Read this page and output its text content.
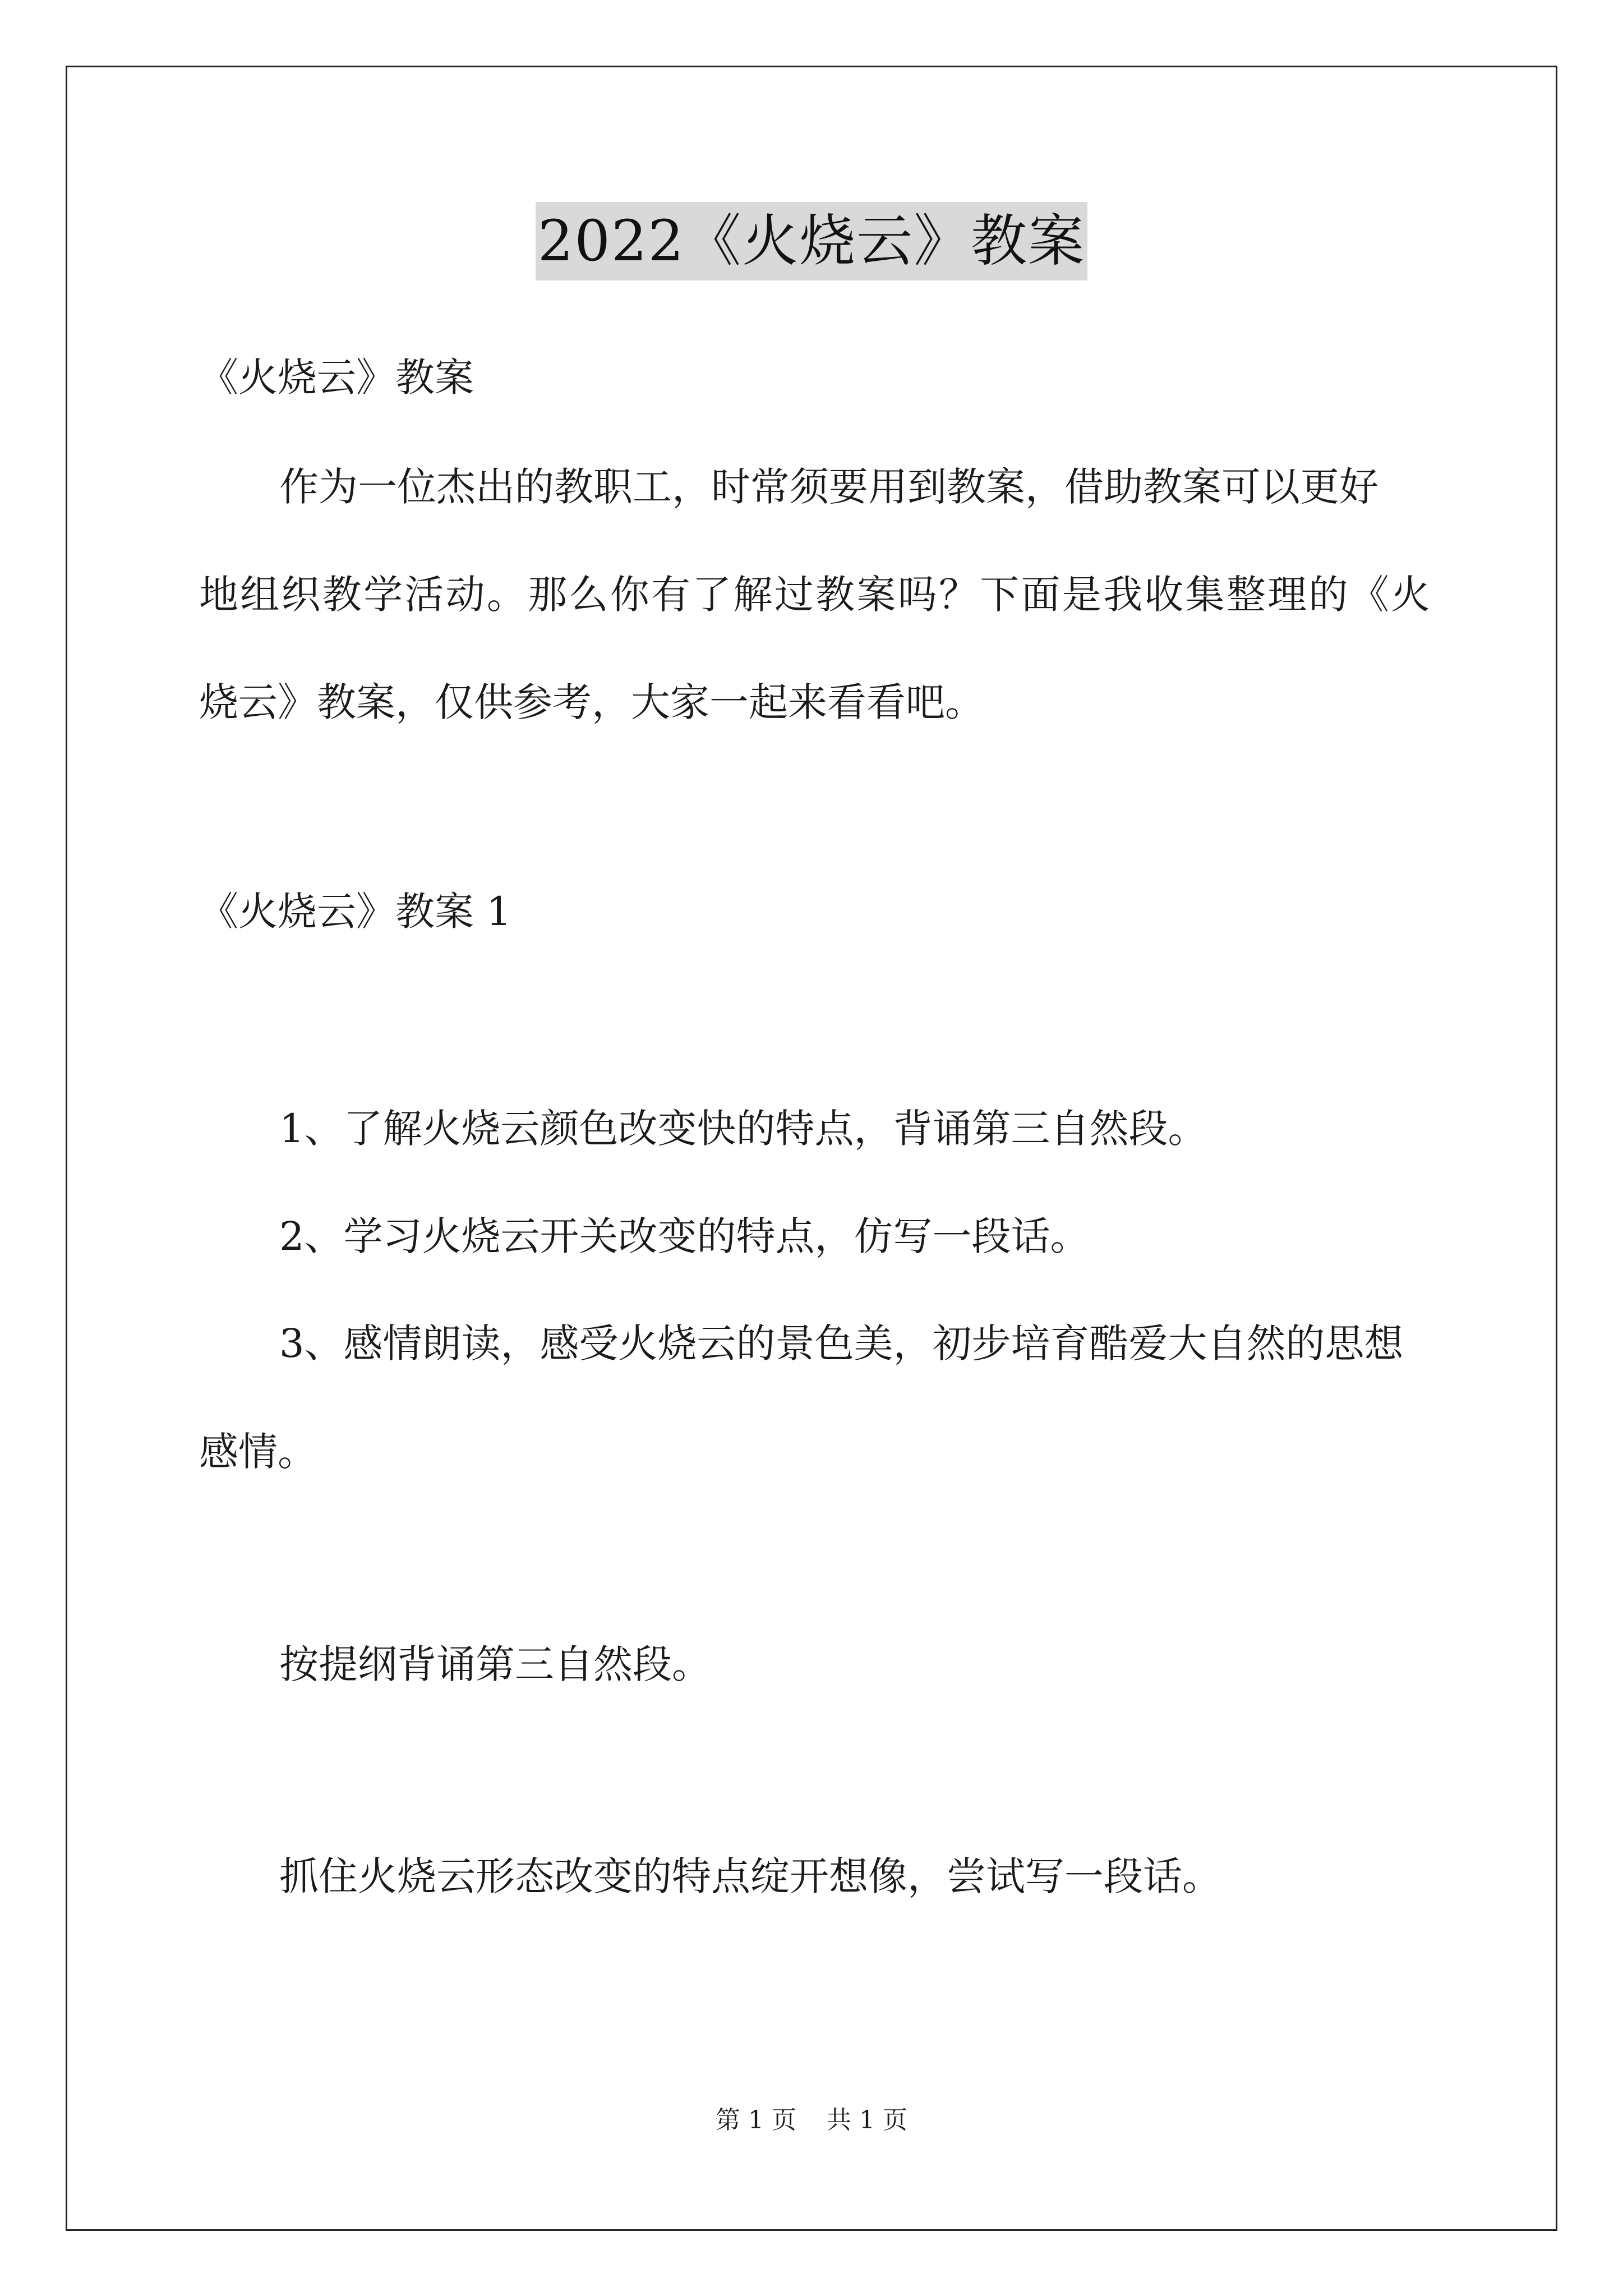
2022《火烧云》教案
《火烧云》教案
作为一位杰出的教职工，时常须要用到教案，借助教案可以更好
地组织教学活动。那么你有了解过教案吗？下面是我收集整理的《火
烧云》教案，仅供参考，大家一起来看看吧。
《火烧云》教案 1
1、了解火烧云颜色改变快的特点，背诵第三自然段。
2、学习火烧云开关改变的特点，仿写一段话。
3、感情朗读，感受火烧云的景色美，初步培育酷爱大自然的思想
感情。
按提纲背诵第三自然段。
抓住火烧云形态改变的特点绽开想像，尝试写一段话。
第 1 页 共 1 页
